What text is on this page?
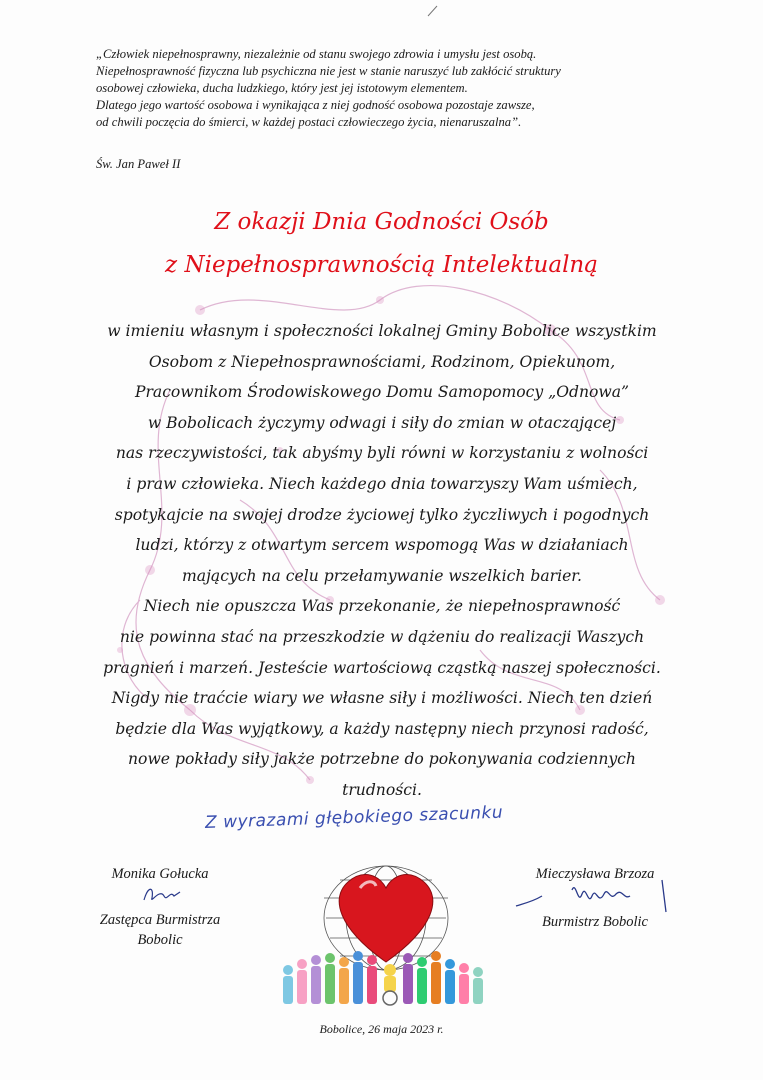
„Człowiek niepełnosprawny, niezależnie od stanu swojego zdrowia i umysłu jest osobą.
Niepełnosprawność fizyczna lub psychiczna nie jest w stanie naruszyć lub zakłócić struktury
osobowej człowieka, ducha ludzkiego, który jest jej istotowym elementem.
Dlatego jego wartość osobowa i wynikająca z niej godność osobowa pozostaje zawsze,
od chwili poczęcia do śmierci, w każdej postaci człowieczego życia, nienaruszalna”.
Św. Jan Paweł II
Z okazji Dnia Godności Osób
z Niepełnosprawnością Intelektualną
w imieniu własnym i społeczności lokalnej Gminy Bobolice wszystkim
Osobom z Niepełnosprawnościami, Rodzinom, Opiekunom,
Pracownikom Środowiskowego Domu Samopomocy „Odnowa”
w Bobolicach życzymy odwagi i siły do zmian w otaczającej
nas rzeczywistości, tak abyśmy byli równi w korzystaniu z wolności
i praw człowieka. Niech każdego dnia towarzyszy Wam uśmiech,
spotykajcie na swojej drodze życiowej tylko życzliwych i pogodnych
ludzi, którzy z otwartym sercem wspomogą Was w działaniach
mających na celu przełamywanie wszelkich barier.
Niech nie opuszcza Was przekonanie, że niepełnosprawność
nie powinna stać na przeszkodzie w dążeniu do realizacji Waszych
pragnień i marzeń. Jesteście wartościową cząstką naszej społeczności.
Nigdy nie traćcie wiary we własne siły i możliwości. Niech ten dzień
będzie dla Was wyjątkowy, a każdy następny niech przynosi radość,
nowe pokłady siły jakże potrzebne do pokonywania codziennych
trudności.
Z wyrazami głębokiego szacunku
Monika Gołucka
Zastępca Burmistrza
Bobolic
Mieczysława Brzoza
Burmistrz Bobolic
Bobolice, 26 maja 2023 r.
